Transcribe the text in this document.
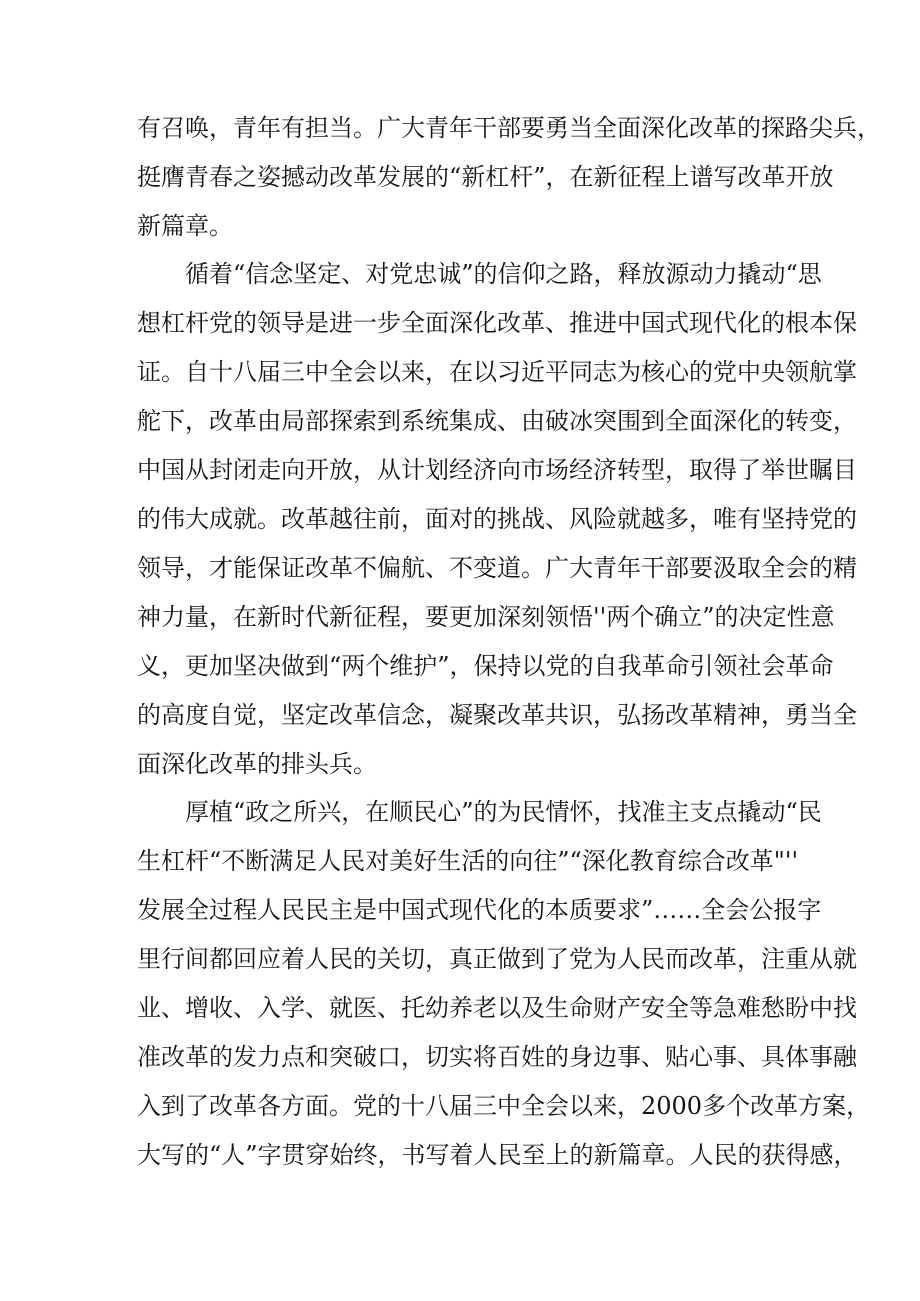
有召唤，青年有担当。广大青年干部要勇当全面深化改革的探路尖兵，
挺膺青春之姿撼动改革发展的“新杠杆”，在新征程上谱写改革开放
新篇章。
循着“信念坚定、对党忠诚”的信仰之路，释放源动力撬动“思
想杠杆党的领导是进一步全面深化改革、推进中国式现代化的根本保
证。自十八届三中全会以来，在以习近平同志为核心的党中央领航掌
舵下，改革由局部探索到系统集成、由破冰突围到全面深化的转变，
中国从封闭走向开放，从计划经济向市场经济转型，取得了举世瞩目
的伟大成就。改革越往前，面对的挑战、风险就越多，唯有坚持党的
领导，才能保证改革不偏航、不变道。广大青年干部要汲取全会的精
神力量，在新时代新征程，要更加深刻领悟''两个确立”的决定性意
义，更加坚决做到“两个维护”，保持以党的自我革命引领社会革命
的高度自觉，坚定改革信念，凝聚改革共识，弘扬改革精神，勇当全
面深化改革的排头兵。
厚植“政之所兴，在顺民心”的为民情怀，找准主支点撬动“民
生杠杆“不断满足人民对美好生活的向往”“深化教育综合改革"''
发展全过程人民民主是中国式现代化的本质要求”……全会公报字
里行间都回应着人民的关切，真正做到了党为人民而改革，注重从就
业、增收、入学、就医、托幼养老以及生命财产安全等急难愁盼中找
准改革的发力点和突破口，切实将百姓的身边事、贴心事、具体事融
入到了改革各方面。党的十八届三中全会以来，2000多个改革方案，
大写的“人”字贯穿始终，书写着人民至上的新篇章。人民的获得感，
